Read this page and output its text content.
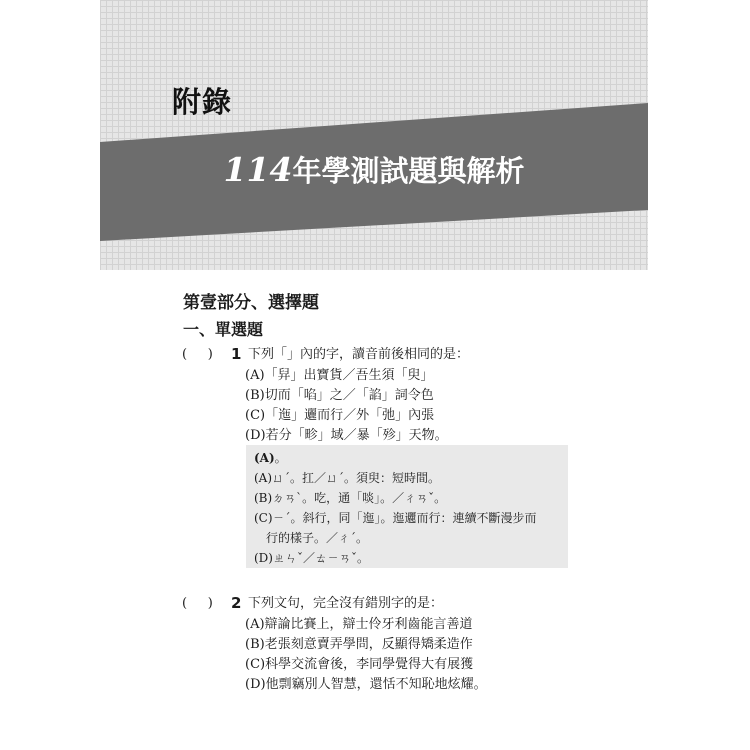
附錄
114年學測試題與解析
第壹部分、選擇題
一、單選題
(     ) 1 下列「」內的字，讀音前後相同的是：
(A)「舁」出寶貨／吾生須「臾」
(B)切而「啗」之／「諂」詞令色
(C)「迤」邐而行／外「弛」內張
(D)若分「畛」域／暴「殄」天物。
(A)。
(A)ㄩˊ。扛／ㄩˊ。須臾：短時間。
(B)ㄉㄢˋ。吃，通「啖」。／ㄔㄢˇ。
(C)ㄧˊ。斜行，同「迤」。迤邐而行：連續不斷漫步而
行的樣子。／ㄔˊ。
(D)ㄓㄣˇ／ㄊㄧㄢˇ。
(     ) 2 下列文句，完全沒有錯別字的是：
(A)辯論比賽上，辯士伶牙利齒能言善道
(B)老張刻意賣弄學問，反顯得矯柔造作
(C)科學交流會後，李同學覺得大有展獲
(D)他剽竊別人智慧，還恬不知恥地炫耀。
